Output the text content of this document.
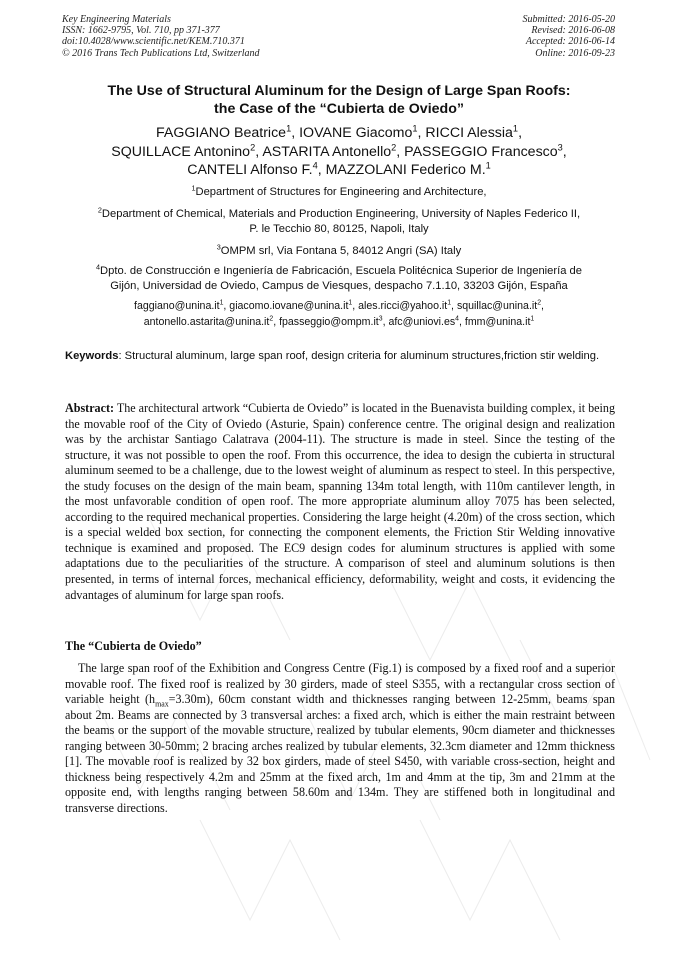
Key Engineering Materials
ISSN: 1662-9795, Vol. 710, pp 371-377
doi:10.4028/www.scientific.net/KEM.710.371
© 2016 Trans Tech Publications Ltd, Switzerland
Submitted: 2016-05-20
Revised: 2016-06-08
Accepted: 2016-06-14
Online: 2016-09-23
The Use of Structural Aluminum for the Design of Large Span Roofs:
the Case of the “Cubierta de Oviedo”
FAGGIANO Beatrice$^1$, IOVANE Giacomo$^1$, RICCI Alessia$^1$,
SQUILLACE Antonino$^2$, ASTARITA Antonello$^2$, PASSEGGIO Francesco$^3$,
CANTELI Alfonso F.$^4$, MAZZOLANI Federico M.$^1$
$^1$Department of Structures for Engineering and Architecture,
$^2$Department of Chemical, Materials and Production Engineering, University of Naples Federico II,
P. le Tecchio 80, 80125, Napoli, Italy
$^3$OMPM srl, Via Fontana 5, 84012 Angri (SA) Italy
$^4$Dpto. de Construcción e Ingeniería de Fabricación, Escuela Politécnica Superior de Ingeniería de
Gijón, Universidad de Oviedo, Campus de Viesques, despacho 7.1.10, 33203 Gijón, España
$faggiano@unina.it^1$, $giacomo.iovane@unina.it^1$, $ales.ricci@yahoo.it^1$, $squillac@unina.it^2$,
$antonello.astarita@unina.it^2$, $fpasseggio@ompm.it^3$, $afc@uniovi.es^4$, $fmm@unina.it^1$
Keywords: Structural aluminum, large span roof, design criteria for aluminum structures,friction stir welding.
Abstract: The architectural artwork “Cubierta de Oviedo” is located in the Buenavista building complex, it being the movable roof of the City of Oviedo (Asturie, Spain) conference centre. The original design and realization was by the archistar Santiago Calatrava (2004-11). The structure is made in steel. Since the testing of the structure, it was not possible to open the roof. From this occurrence, the idea to design the cubierta in structural aluminum seemed to be a challenge, due to the lowest weight of aluminum as respect to steel. In this perspective, the study focuses on the design of the main beam, spanning 134m total length, with 110m cantilever length, in the most unfavorable condition of open roof. The more appropriate aluminum alloy 7075 has been selected, according to the required mechanical properties. Considering the large height (4.20m) of the cross section, which is a special welded box section, for connecting the component elements, the Friction Stir Welding innovative technique is examined and proposed. The EC9 design codes for aluminum structures is applied with some adaptations due to the peculiarities of the structure. A comparison of steel and aluminum solutions is then presented, in terms of internal forces, mechanical efficiency, deformability, weight and costs, it evidencing the advantages of aluminum for large span roofs.
The “Cubierta de Oviedo”
The large span roof of the Exhibition and Congress Centre (Fig.1) is composed by a fixed roof and a superior movable roof. The fixed roof is realized by 30 girders, made of steel S355, with a rectangular cross section of variable height $(h_{max}=3.30m)$, 60cm constant width and thicknesses ranging between 12-25mm, beams span about 2m. Beams are connected by 3 transversal arches: a fixed arch, which is either the main restraint between the beams or the support of the movable structure, realized by tubular elements, 90cm diameter and thicknesses ranging between 30-50mm; 2 bracing arches realized by tubular elements, 32.3cm diameter and 12mm thickness [1]. The movable roof is realized by 32 box girders, made of steel S450, with variable cross-section, height and thickness being respectively 4.2m and 25mm at the fixed arch, 1m and 4mm at the tip, 3m and 21mm at the opposite end, with lengths ranging between 58.60m and 134m. They are stiffened both in longitudinal and transverse directions.
